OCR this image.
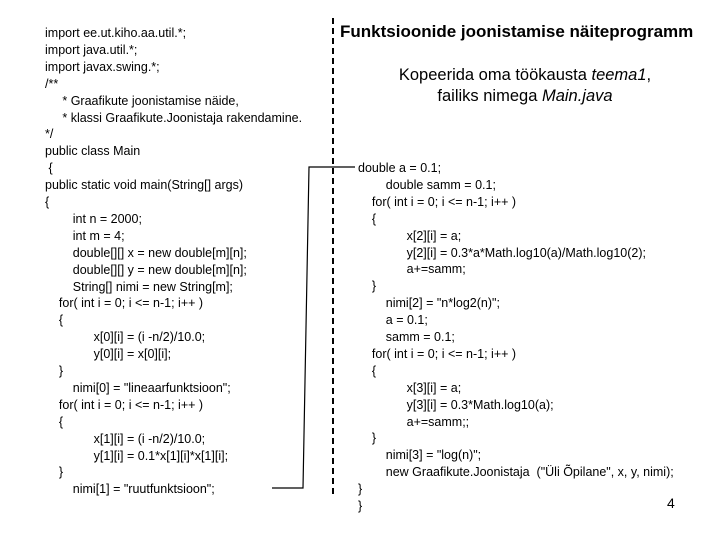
Funktsioonide joonistamise näiteprogramm

Kopeerida oma töökausta teema1,

failiks nimega Main.java

import ee.ut.kiho.aa.util.*;
import java.util.*;
import javax.swing.*;
/**
* Graafikute joonistamise näide,
* klassi Graafikute.Joonistaja rakendamine.
*/
public class Main
{
public static void main(String[] args)
{
int n = 2000;
int m = 4;
double[][] x = new double[m][n];
double[][] y = new double[m][n];
String[] nimi = new String[m];
for( int i = 0; i <= n-1; i++ )
{
x[0][i] = (i -n/2)/10.0;
y[0][i] = x[0][i];
}
nimi[0] = "lineaarfunktsioon";
for( int i = 0; i <= n-1; i++ )
{
x[1][i] = (i -n/2)/10.0;
y[1][i] = 0.1*x[1][i]*x[1][i];
}
nimi[1] = "ruutfunktsioon";
double a = 0.1;
double samm = 0.1;
for( int i = 0; i <= n-1; i++ )
{
x[2][i] = a;
y[2][i] = 0.3*a*Math.log10(a)/Math.log10(2);
a+=samm;
}
nimi[2] = "n*log2(n)";
a = 0.1;
samm = 0.1;
for( int i = 0; i <= n-1; i++ )
{
x[3][i] = a;
y[3][i] = 0.3*Math.log10(a);
a+=samm;;
}
nimi[3] = "log(n)";
new Graafikute.Joonistaja  ("Üli Õpilane", x, y, nimi);
}
}	4
